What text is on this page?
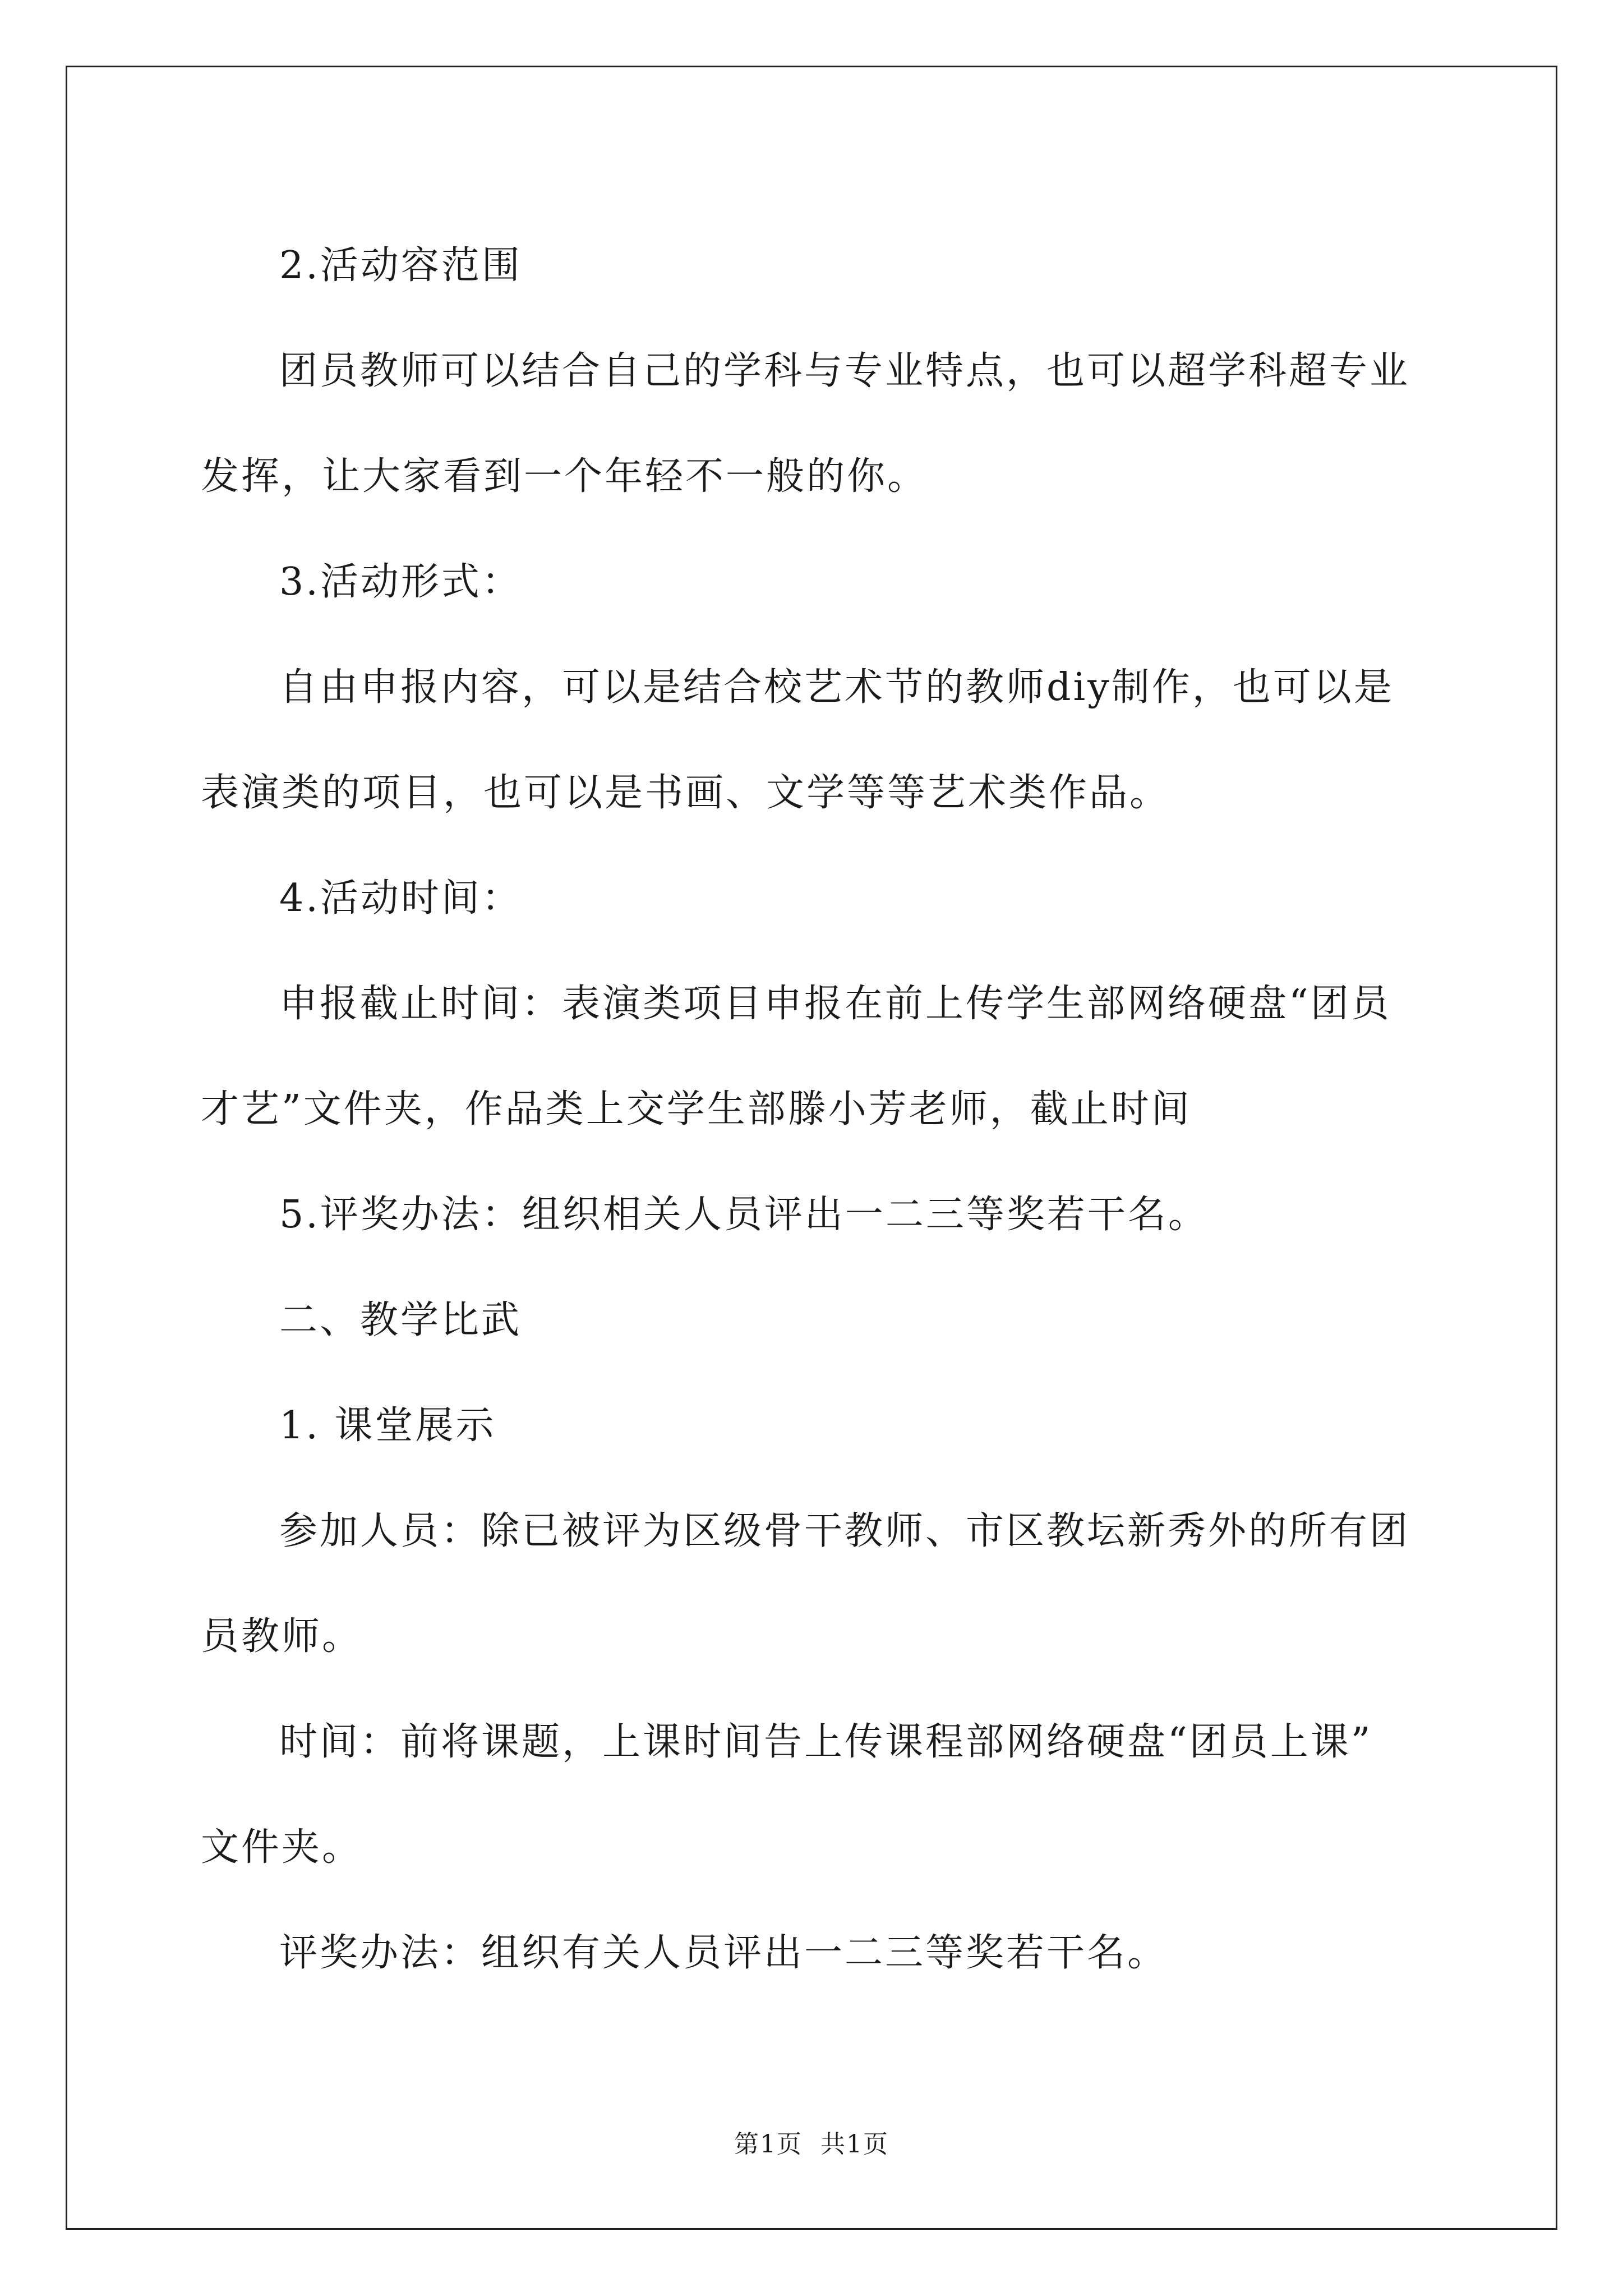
2.活动容范围

团员教师可以结合自己的学科与专业特点，也可以超学科超专业

发挥，让大家看到一个年轻不一般的你。

3.活动形式：

自由申报内容，可以是结合校艺术节的教师diy制作，也可以是

表演类的项目，也可以是书画、文学等等艺术类作品。

4.活动时间：

申报截止时间：表演类项目申报在前上传学生部网络硬盘“团员

才艺”文件夹，作品类上交学生部滕小芳老师，截止时间

5.评奖办法：组织相关人员评出一二三等奖若干名。

二、教学比武

1. 课堂展示

参加人员：除已被评为区级骨干教师、市区教坛新秀外的所有团

员教师。

时间：前将课题，上课时间告上传课程部网络硬盘“团员上课”

文件夹。

评奖办法：组织有关人员评出一二三等奖若干名。

第1页 共1页
